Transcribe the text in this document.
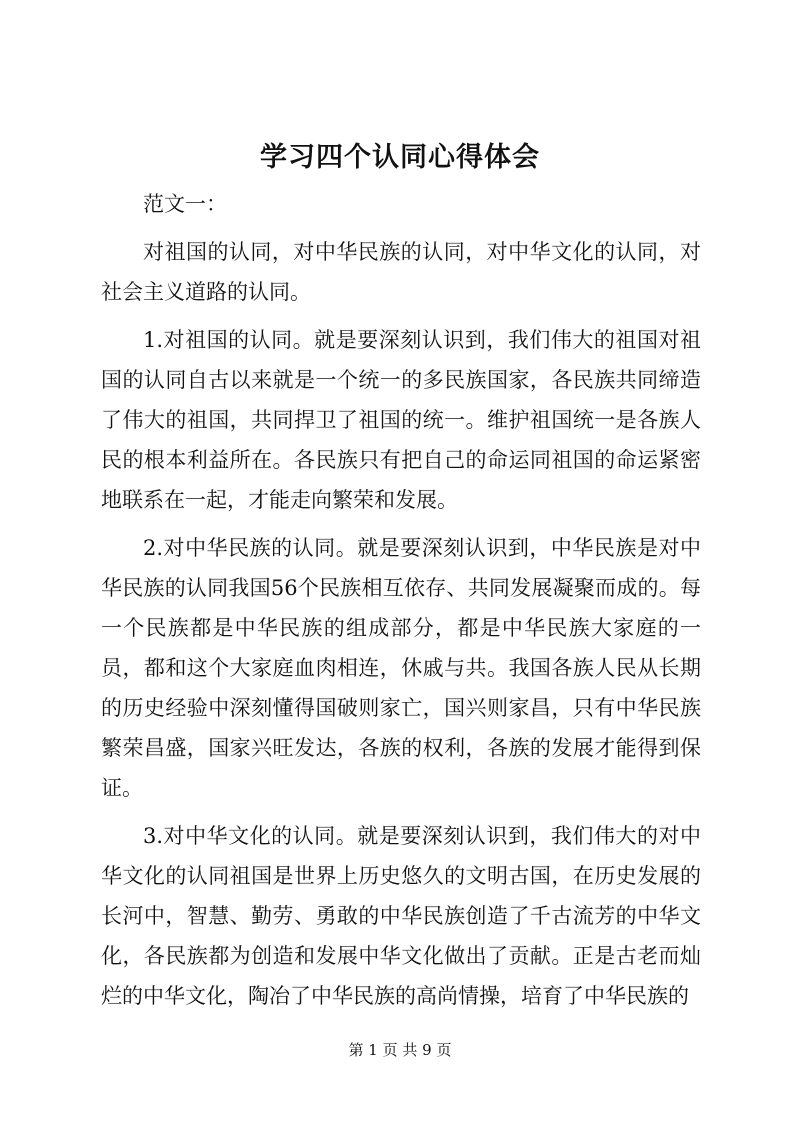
学习四个认同心得体会

范文一：

对祖国的认同，对中华民族的认同，对中华文化的认同，对社会主义道路的认同。

1.对祖国的认同。就是要深刻认识到，我们伟大的祖国对祖国的认同自古以来就是一个统一的多民族国家，各民族共同缔造了伟大的祖国，共同捍卫了祖国的统一。维护祖国统一是各族人民的根本利益所在。各民族只有把自己的命运同祖国的命运紧密地联系在一起，才能走向繁荣和发展。

2.对中华民族的认同。就是要深刻认识到，中华民族是对中华民族的认同我国56个民族相互依存、共同发展凝聚而成的。每一个民族都是中华民族的组成部分，都是中华民族大家庭的一员，都和这个大家庭血肉相连，休戚与共。我国各族人民从长期的历史经验中深刻懂得国破则家亡，国兴则家昌，只有中华民族繁荣昌盛，国家兴旺发达，各族的权利，各族的发展才能得到保证。

3.对中华文化的认同。就是要深刻认识到，我们伟大的对中华文化的认同祖国是世界上历史悠久的文明古国，在历史发展的长河中，智慧、勤劳、勇敢的中华民族创造了千古流芳的中华文化，各民族都为创造和发展中华文化做出了贡献。正是古老而灿烂的中华文化，陶冶了中华民族的高尚情操，培育了中华民族的

第 1 页 共 9 页
